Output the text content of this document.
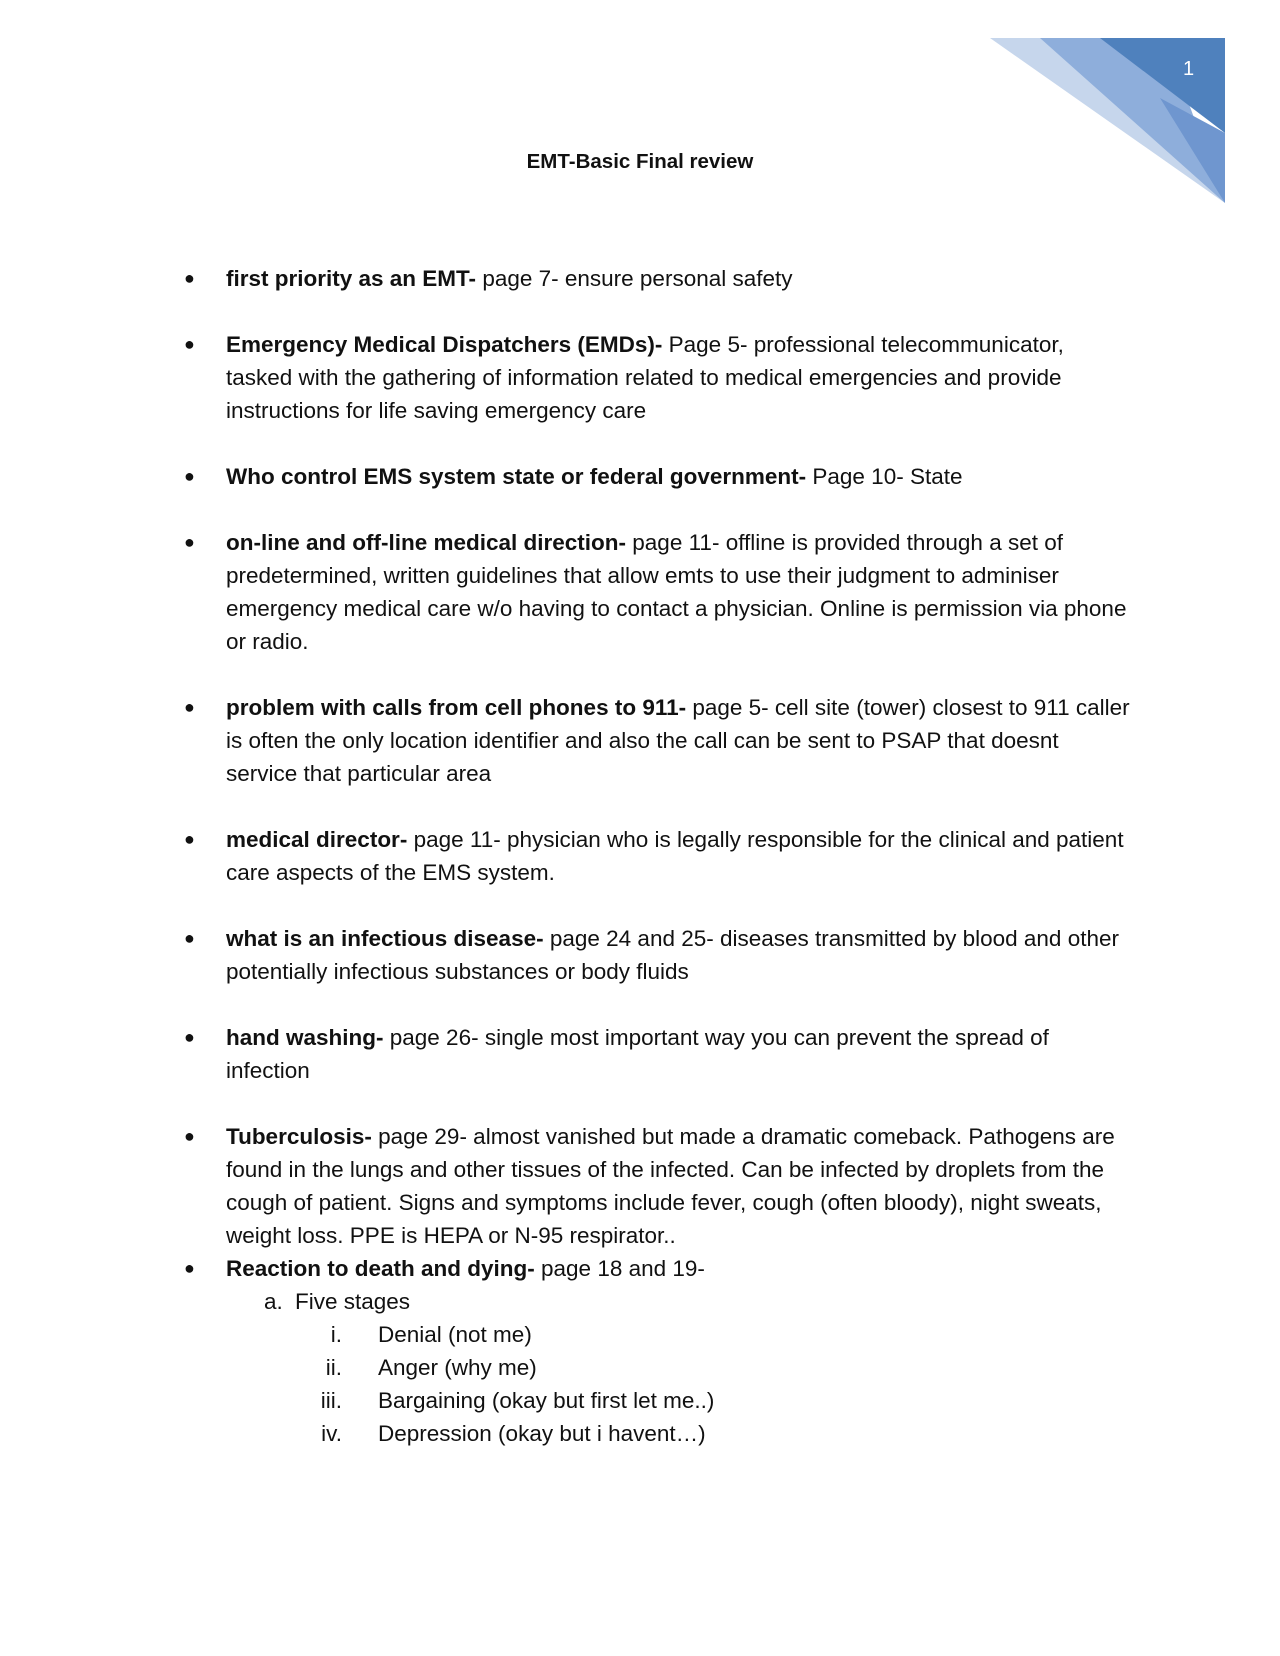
1
EMT-Basic Final review
● first priority as an EMT- page 7- ensure personal safety
● Emergency Medical Dispatchers (EMDs)- Page 5- professional telecommunicator, tasked with the gathering of information related to medical emergencies and provide instructions for life saving emergency care
● Who control EMS system state or federal government- Page 10- State
● on-line and off-line medical direction- page 11- offline is provided through a set of predetermined, written guidelines that allow emts to use their judgment to adminiser emergency medical care w/o having to contact a physician. Online is permission via phone or radio.
● problem with calls from cell phones to 911- page 5- cell site (tower) closest to 911 caller is often the only location identifier and also the call can be sent to PSAP that doesnt service that particular area
● medical director- page 11- physician who is legally responsible for the clinical and patient care aspects of the EMS system.
● what is an infectious disease- page 24 and 25- diseases transmitted by blood and other potentially infectious substances or body fluids
● hand washing- page 26- single most important way you can prevent the spread of infection
● Tuberculosis- page 29- almost vanished but made a dramatic comeback. Pathogens are found in the lungs and other tissues of the infected. Can be infected by droplets from the cough of patient. Signs and symptoms include fever, cough (often bloody), night sweats, weight loss. PPE is HEPA or N-95 respirator..
● Reaction to death and dying- page 18 and 19-
a. Five stages
i. Denial (not me)
ii. Anger (why me)
iii. Bargaining (okay but first let me..)
iv. Depression (okay but i havent…)
